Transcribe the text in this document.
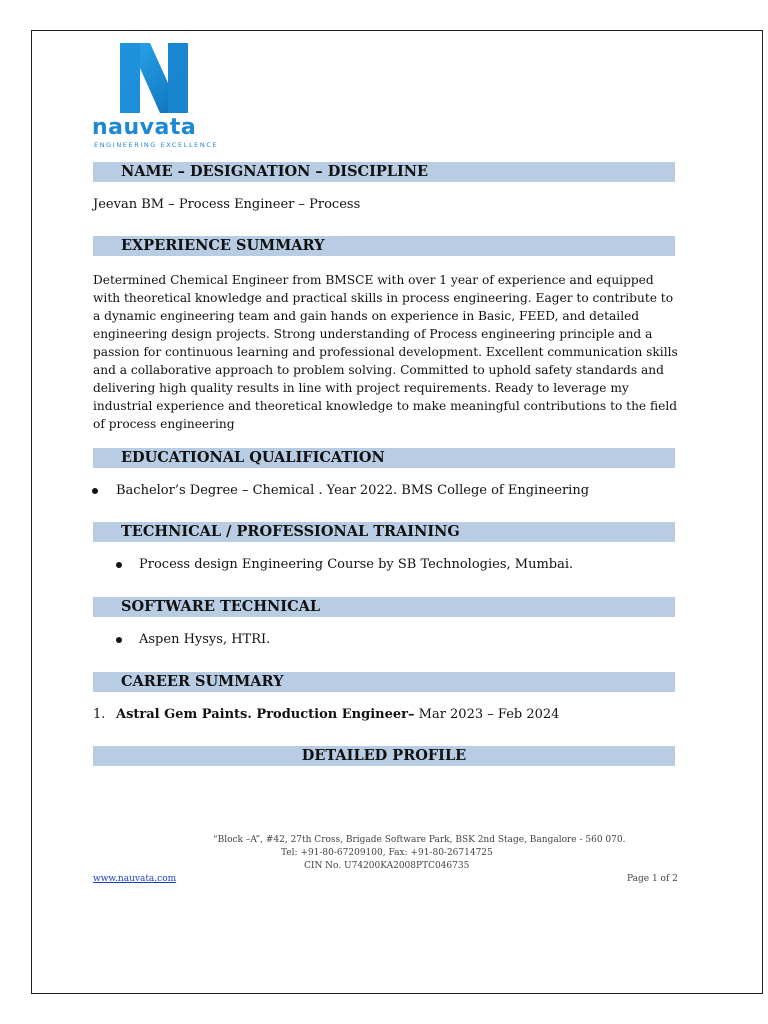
nauvata
ENGINEERING EXCELLENCE
NAME – DESIGNATION – DISCIPLINE
Jeevan BM – Process Engineer – Process
EXPERIENCE SUMMARY
Determined Chemical Engineer from BMSCE with over 1 year of experience and equipped with theoretical knowledge and practical skills in process engineering. Eager to contribute to a dynamic engineering team and gain hands on experience in Basic, FEED, and detailed engineering design projects. Strong understanding of Process engineering principle and a passion for continuous learning and professional development. Excellent communication skills and a collaborative approach to problem solving. Committed to uphold safety standards and delivering high quality results in line with project requirements. Ready to leverage my industrial experience and theoretical knowledge to make meaningful contributions to the field of process engineering
EDUCATIONAL QUALIFICATION
Bachelor’s Degree – Chemical . Year 2022. BMS College of Engineering
TECHNICAL / PROFESSIONAL TRAINING
Process design Engineering Course by SB Technologies, Mumbai.
SOFTWARE TECHNICAL
Aspen Hysys, HTRI.
CAREER SUMMARY
1. Astral Gem Paints. Production Engineer– Mar 2023 – Feb 2024
DETAILED PROFILE
“Block –A”, #42, 27th Cross, Brigade Software Park, BSK 2nd Stage, Bangalore - 560 070.
Tel: +91-80-67209100, Fax: +91-80-26714725
CIN No. U74200KA2008PTC046735
www.nauvata.com	Page 1 of 2
